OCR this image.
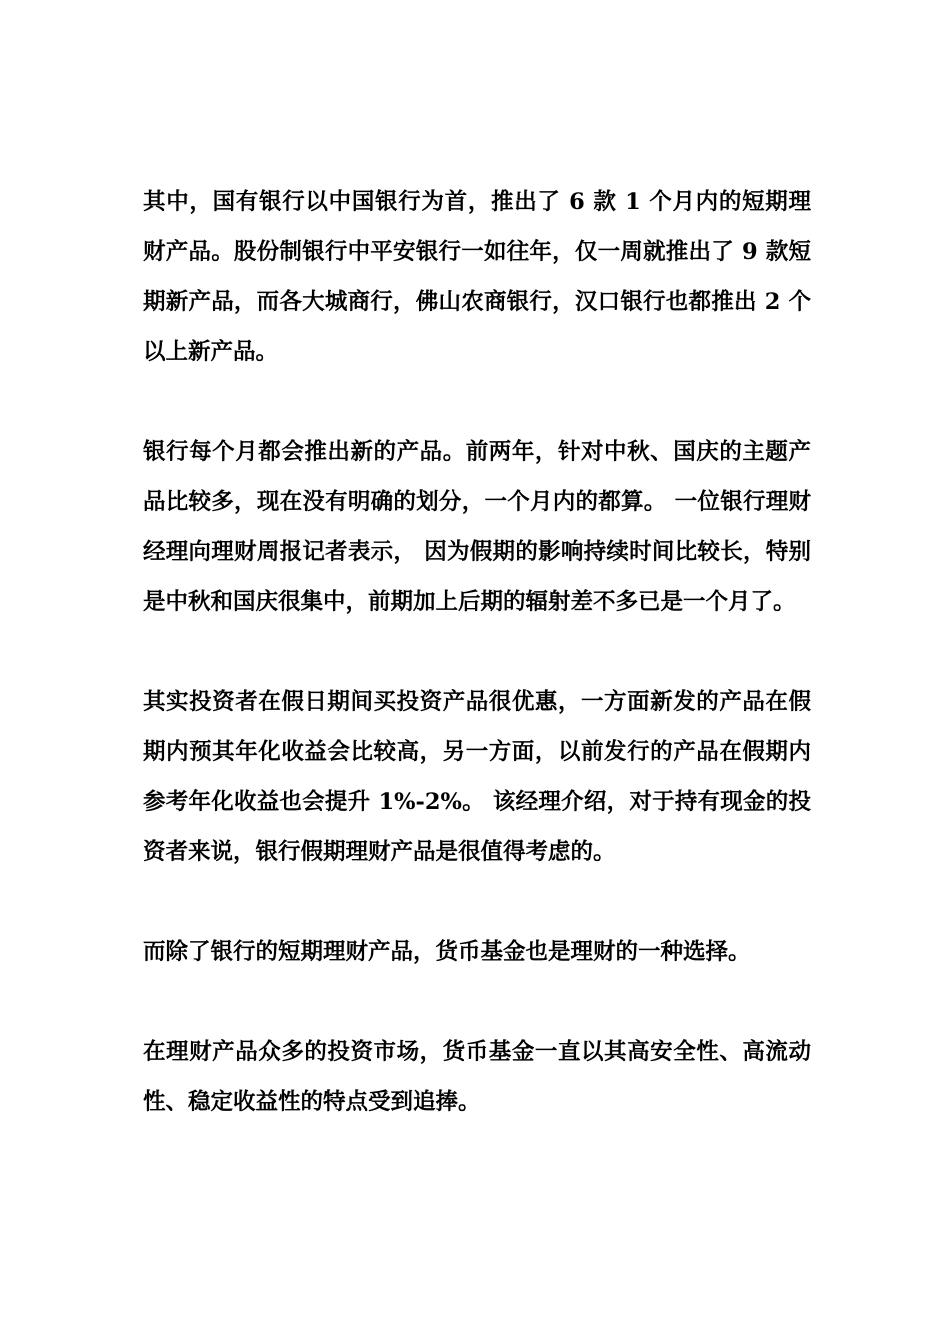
其中，国有银行以中国银行为首，推出了 6 款 1 个月内的短期理财产品。股份制银行中平安银行一如往年，仅一周就推出了 9 款短期新产品，而各大城商行，佛山农商银行，汉口银行也都推出 2 个以上新产品。

银行每个月都会推出新的产品。前两年，针对中秋、国庆的主题产品比较多，现在没有明确的划分，一个月内的都算。 一位银行理财经理向理财周报记者表示， 因为假期的影响持续时间比较长，特别是中秋和国庆很集中，前期加上后期的辐射差不多已是一个月了。

其实投资者在假日期间买投资产品很优惠，一方面新发的产品在假期内预其年化收益会比较高，另一方面，以前发行的产品在假期内参考年化收益也会提升 1%-2%。 该经理介绍，对于持有现金的投资者来说，银行假期理财产品是很值得考虑的。

而除了银行的短期理财产品，货币基金也是理财的一种选择。

在理财产品众多的投资市场，货币基金一直以其高安全性、高流动性、稳定收益性的特点受到追捧。
